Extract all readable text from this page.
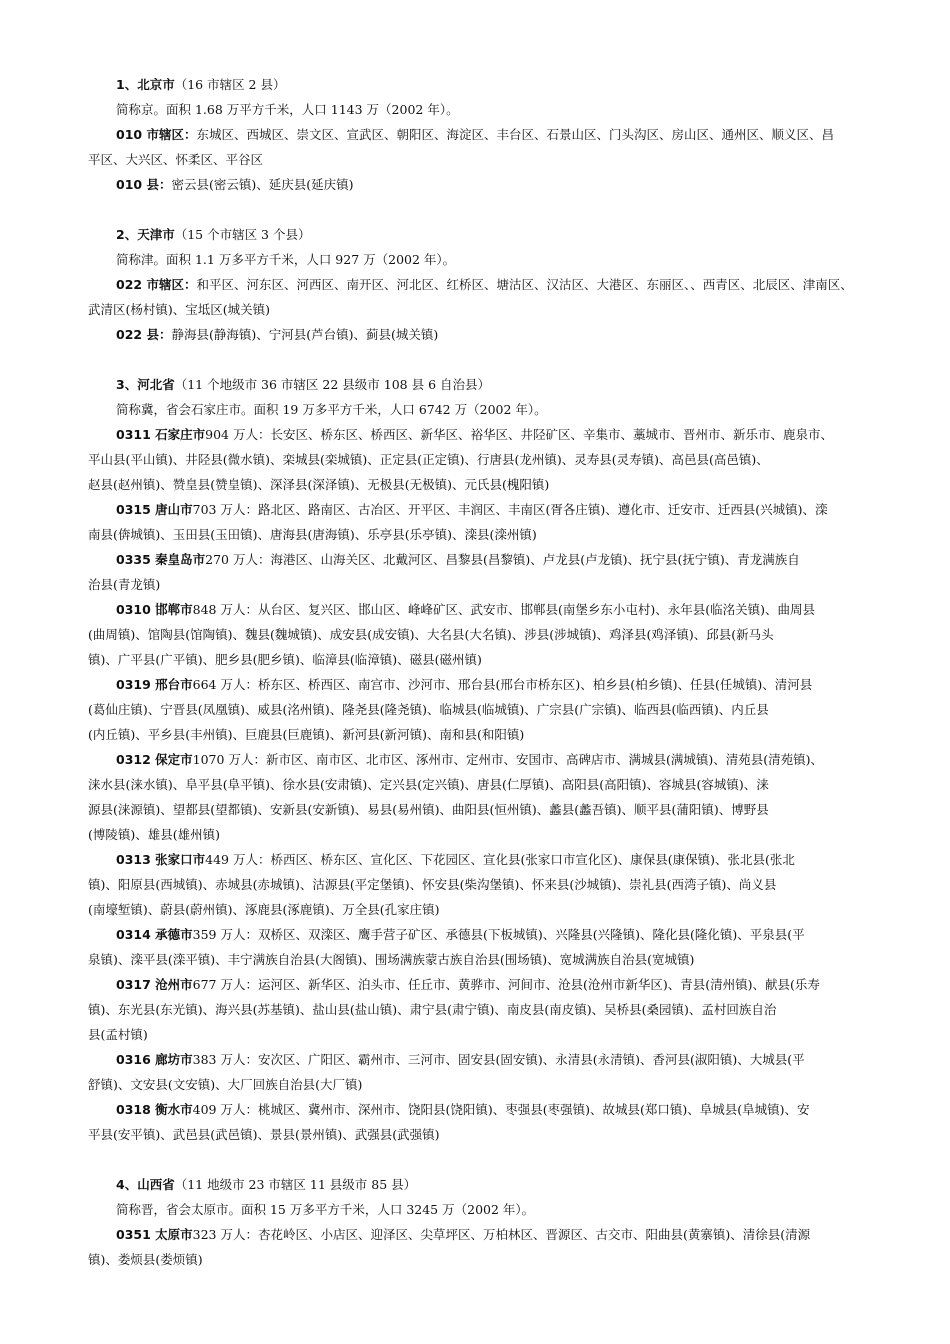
1、北京市（16 市辖区 2 县）
简称京。面积 1.68 万平方千米，人口 1143 万（2002 年）。
010 市辖区：东城区、西城区、崇文区、宣武区、朝阳区、海淀区、丰台区、石景山区、门头沟区、房山区、通州区、顺义区、昌
平区、大兴区、怀柔区、平谷区
010 县：密云县(密云镇)、延庆县(延庆镇)
2、天津市（15 个市辖区 3 个县）
简称津。面积 1.1 万多平方千米，人口 927 万（2002 年）。
022 市辖区：和平区、河东区、河西区、南开区、河北区、红桥区、塘沽区、汉沽区、大港区、东丽区、、西青区、北辰区、津南区、
武清区(杨村镇)、宝坻区(城关镇)
022 县：静海县(静海镇)、宁河县(芦台镇)、蓟县(城关镇)
3、河北省（11 个地级市 36 市辖区 22 县级市 108 县 6 自治县）
简称冀，省会石家庄市。面积 19 万多平方千米，人口 6742 万（2002 年）。
0311 石家庄市904 万人：长安区、桥东区、桥西区、新华区、裕华区、井陉矿区、辛集市、藁城市、晋州市、新乐市、鹿泉市、
平山县(平山镇)、井陉县(微水镇)、栾城县(栾城镇)、正定县(正定镇)、行唐县(龙州镇)、灵寿县(灵寿镇)、高邑县(高邑镇)、
赵县(赵州镇)、赞皇县(赞皇镇)、深泽县(深泽镇)、无极县(无极镇)、元氏县(槐阳镇)
0315 唐山市703 万人：路北区、路南区、古冶区、开平区、丰润区、丰南区(胥各庄镇)、遵化市、迁安市、迁西县(兴城镇)、滦
南县(倴城镇)、玉田县(玉田镇)、唐海县(唐海镇)、乐亭县(乐亭镇)、滦县(滦州镇)
0335 秦皇岛市270 万人：海港区、山海关区、北戴河区、昌黎县(昌黎镇)、卢龙县(卢龙镇)、抚宁县(抚宁镇)、青龙满族自
治县(青龙镇)
0310 邯郸市848 万人：从台区、复兴区、邯山区、峰峰矿区、武安市、邯郸县(南堡乡东小屯村)、永年县(临洺关镇)、曲周县
(曲周镇)、馆陶县(馆陶镇)、魏县(魏城镇)、成安县(成安镇)、大名县(大名镇)、涉县(涉城镇)、鸡泽县(鸡泽镇)、邱县(新马头
镇)、广平县(广平镇)、肥乡县(肥乡镇)、临漳县(临漳镇)、磁县(磁州镇)
0319 邢台市664 万人：桥东区、桥西区、南宫市、沙河市、邢台县(邢台市桥东区)、柏乡县(柏乡镇)、任县(任城镇)、清河县
(葛仙庄镇)、宁晋县(凤凰镇)、威县(洺州镇)、隆尧县(隆尧镇)、临城县(临城镇)、广宗县(广宗镇)、临西县(临西镇)、内丘县
(内丘镇)、平乡县(丰州镇)、巨鹿县(巨鹿镇)、新河县(新河镇)、南和县(和阳镇)
0312 保定市1070 万人：新市区、南市区、北市区、涿州市、定州市、安国市、高碑店市、满城县(满城镇)、清苑县(清苑镇)、
涞水县(涞水镇)、阜平县(阜平镇)、徐水县(安肃镇)、定兴县(定兴镇)、唐县(仁厚镇)、高阳县(高阳镇)、容城县(容城镇)、涞
源县(涞源镇)、望都县(望都镇)、安新县(安新镇)、易县(易州镇)、曲阳县(恒州镇)、蠡县(蠡吾镇)、顺平县(蒲阳镇)、博野县
(博陵镇)、雄县(雄州镇)
0313 张家口市449 万人：桥西区、桥东区、宣化区、下花园区、宣化县(张家口市宣化区)、康保县(康保镇)、张北县(张北
镇)、阳原县(西城镇)、赤城县(赤城镇)、沽源县(平定堡镇)、怀安县(柴沟堡镇)、怀来县(沙城镇)、崇礼县(西湾子镇)、尚义县
(南壕堑镇)、蔚县(蔚州镇)、涿鹿县(涿鹿镇)、万全县(孔家庄镇)
0314 承德市359 万人：双桥区、双滦区、鹰手营子矿区、承德县(下板城镇)、兴隆县(兴隆镇)、隆化县(隆化镇)、平泉县(平
泉镇)、滦平县(滦平镇)、丰宁满族自治县(大阁镇)、围场满族蒙古族自治县(围场镇)、宽城满族自治县(宽城镇)
0317 沧州市677 万人：运河区、新华区、泊头市、任丘市、黄骅市、河间市、沧县(沧州市新华区)、青县(清州镇)、献县(乐寿
镇)、东光县(东光镇)、海兴县(苏基镇)、盐山县(盐山镇)、肃宁县(肃宁镇)、南皮县(南皮镇)、吴桥县(桑园镇)、孟村回族自治
县(孟村镇)
0316 廊坊市383 万人：安次区、广阳区、霸州市、三河市、固安县(固安镇)、永清县(永清镇)、香河县(淑阳镇)、大城县(平
舒镇)、文安县(文安镇)、大厂回族自治县(大厂镇)
0318 衡水市409 万人：桃城区、冀州市、深州市、饶阳县(饶阳镇)、枣强县(枣强镇)、故城县(郑口镇)、阜城县(阜城镇)、安
平县(安平镇)、武邑县(武邑镇)、景县(景州镇)、武强县(武强镇)
4、山西省（11 地级市 23 市辖区 11 县级市 85 县）
简称晋，省会太原市。面积 15 万多平方千米，人口 3245 万（2002 年）。
0351 太原市323 万人：杏花岭区、小店区、迎泽区、尖草坪区、万柏林区、晋源区、古交市、阳曲县(黄寨镇)、清徐县(清源
镇)、娄烦县(娄烦镇)
